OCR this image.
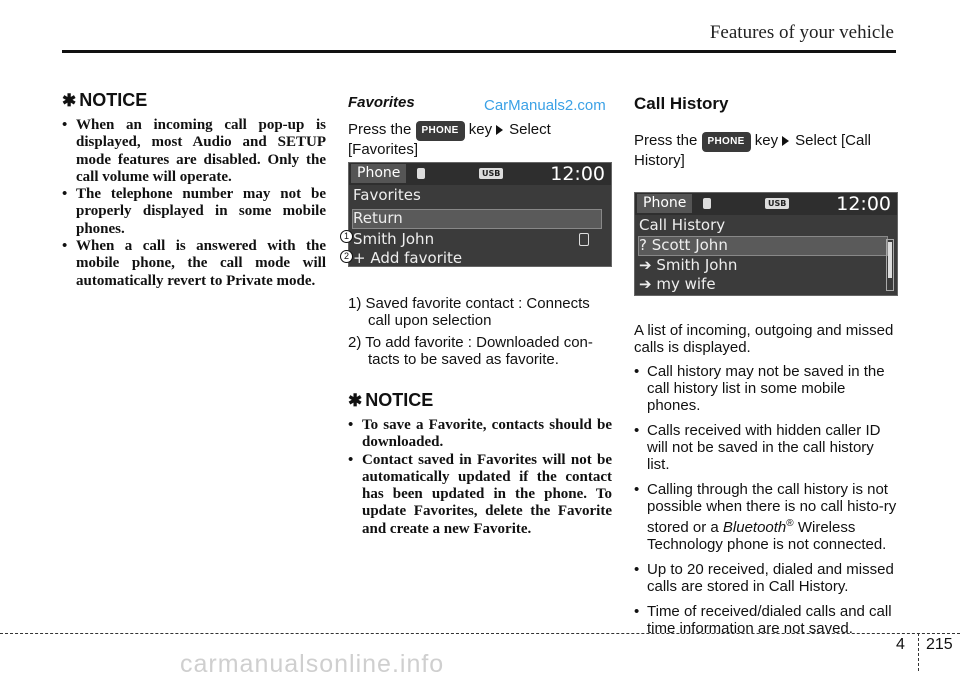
Features of your vehicle
✱ NOTICE
• When an incoming call pop-up is displayed, most Audio and SETUP mode features are disabled. Only the call volume will operate.
• The telephone number may not be properly displayed in some mobile phones.
• When a call is answered with the mobile phone, the call mode will automatically revert to Private mode.
Favorites	CarManuals2.com

Press the PHONE key Select [Favorites]

Phone	USB	12:00
Favorites
Return
Smith John
+ Add favorite
1
2
1) Saved favorite contact : Connects call upon selection
2) To add favorite : Downloaded con-tacts to be saved as favorite.
✱ NOTICE
• To save a Favorite, contacts should be downloaded.
• Contact saved in Favorites will not be automatically updated if the contact has been updated in the phone. To update Favorites, delete the Favorite and create a new Favorite.
Call History

Press the PHONE key Select [Call History]

Phone	USB	12:00
Call History
? Scott John
➔ Smith John
➔ my wife

A list of incoming, outgoing and missed calls is displayed.

• Call history may not be saved in the call history list in some mobile phones.
• Calls received with hidden caller ID will not be saved in the call history list.
• Calling through the call history is not possible when there is no call histo-ry stored or a Bluetooth® Wireless Technology phone is not connected.
• Up to 20 received, dialed and missed calls are stored in Call History.
• Time of received/dialed calls and call time information are not saved.
4 215
carmanualsonline.info
